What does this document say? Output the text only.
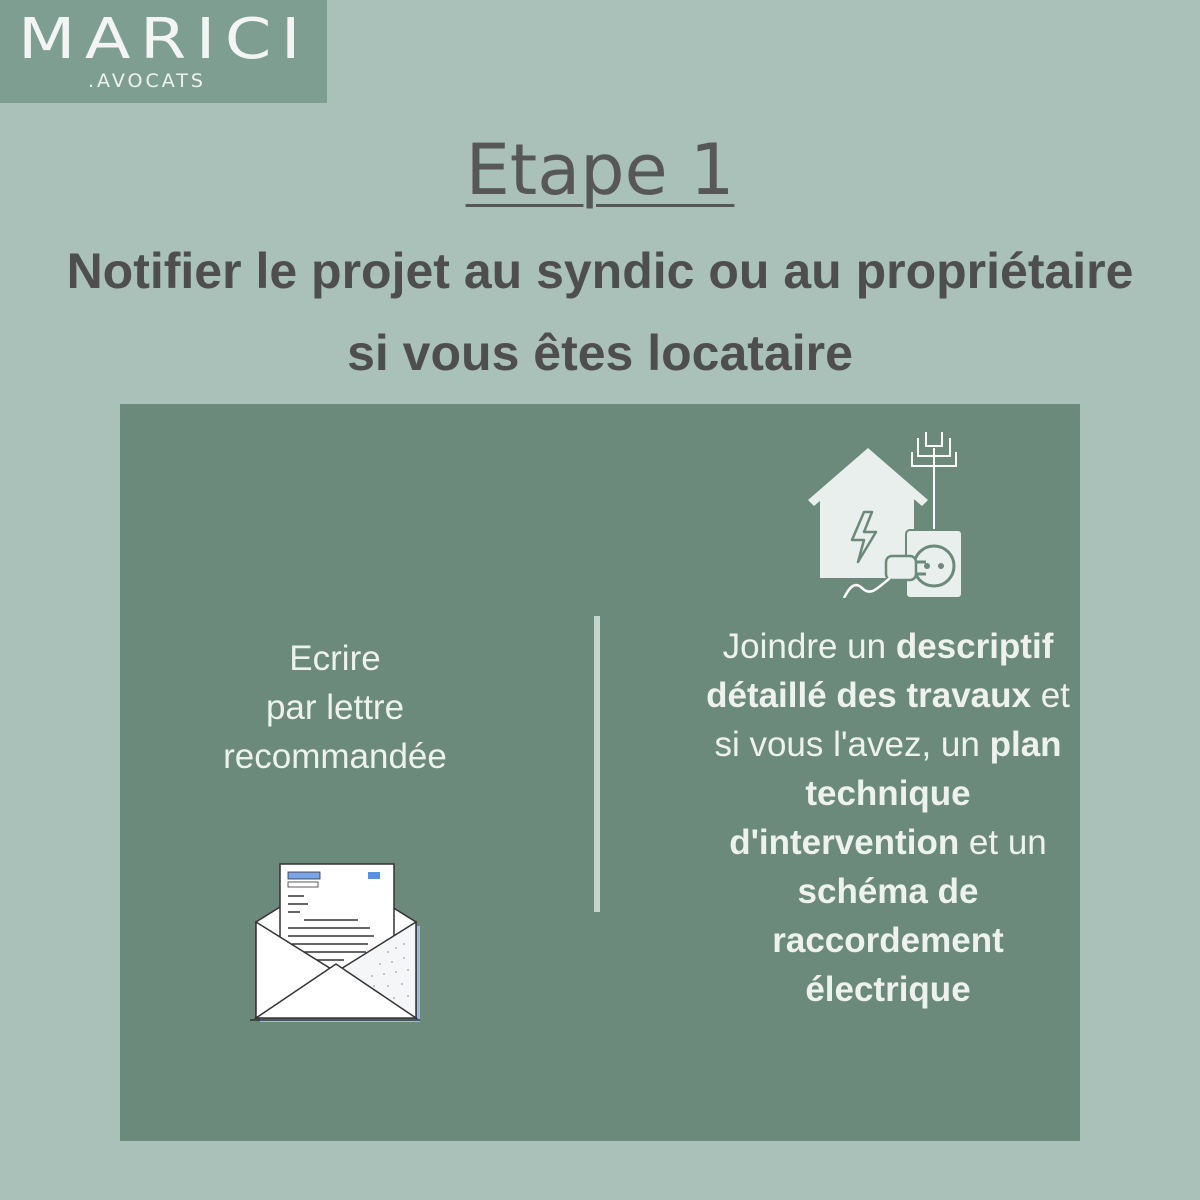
MARICI
.AVOCATS
Etape 1
Notifier le projet au syndic ou au propriétaire si vous êtes locataire
Ecrire
par lettre
recommandée
Joindre un descriptif détaillé des travaux et si vous l'avez, un plan technique d'intervention et un schéma de raccordement électrique
